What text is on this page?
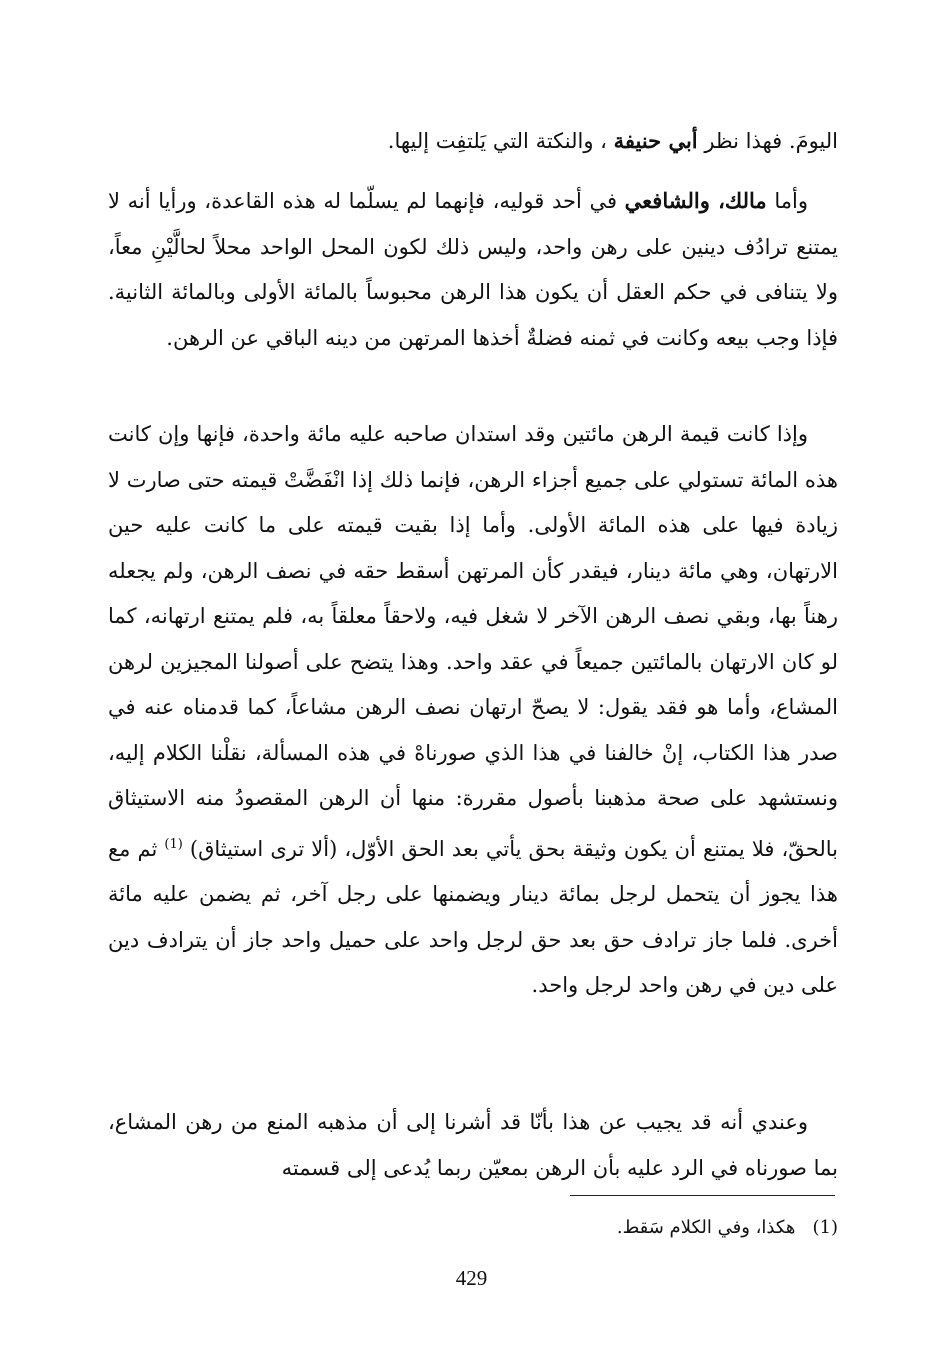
اليومَ. فهذا نظر أبي حنيفة ، والنكتة التي يَلتفِت إليها.

وأما مالك، والشافعي في أحد قوليه، فإنهما لم يسلّما له هذه القاعدة، ورأيا أنه لا يمتنع ترادُف دينين على رهن واحد، وليس ذلك لكون المحل الواحد محلاً لحالَّيْنِ معاً، ولا يتنافى في حكم العقل أن يكون هذا الرهن محبوساً بالمائة الأولى وبالمائة الثانية. فإذا وجب بيعه وكانت في ثمنه فضلةٌ أخذها المرتهن من دينه الباقي عن الرهن.

وإذا كانت قيمة الرهن مائتين وقد استدان صاحبه عليه مائة واحدة، فإنها وإن كانت هذه المائة تستولي على جميع أجزاء الرهن، فإنما ذلك إذا انْفَضَّتْ قيمته حتى صارت لا زيادة فيها على هذه المائة الأولى. وأما إذا بقيت قيمته على ما كانت عليه حين الارتهان، وهي مائة دينار، فيقدر كأن المرتهن أسقط حقه في نصف الرهن، ولم يجعله رهناً بها، وبقي نصف الرهن الآخر لا شغل فيه، ولاحقاً معلقاً به، فلم يمتنع ارتهانه، كما لو كان الارتهان بالمائتين جميعاً في عقد واحد. وهذا يتضح على أصولنا المجيزين لرهن المشاع، وأما هو فقد يقول: لا يصحّ ارتهان نصف الرهن مشاعاً، كما قدمناه عنه في صدر هذا الكتاب، إنْ خالفنا في هذا الذي صورناهْ في هذه المسألة، نقلْنا الكلام إليه، ونستشهد على صحة مذهبنا بأصول مقررة: منها أن الرهن المقصودُ منه الاستيثاق بالحقّ، فلا يمتنع أن يكون وثيقة بحق يأتي بعد الحق الأوّل، (ألا ترى استيثاق) $^{(1)}$ ثم مع هذا يجوز أن يتحمل لرجل بمائة دينار ويضمنها على رجل آخر، ثم يضمن عليه مائة أخرى. فلما جاز ترادف حق بعد حق لرجل واحد على حميل واحد جاز أن يترادف دين على دين في رهن واحد لرجل واحد.

وعندي أنه قد يجيب عن هذا بأنّا قد أشرنا إلى أن مذهبه المنع من رهن المشاع، بما صورناه في الرد عليه بأن الرهن بمعيّن ربما يُدعى إلى قسمته

(1)   هكذا، وفي الكلام سَقط.
429
